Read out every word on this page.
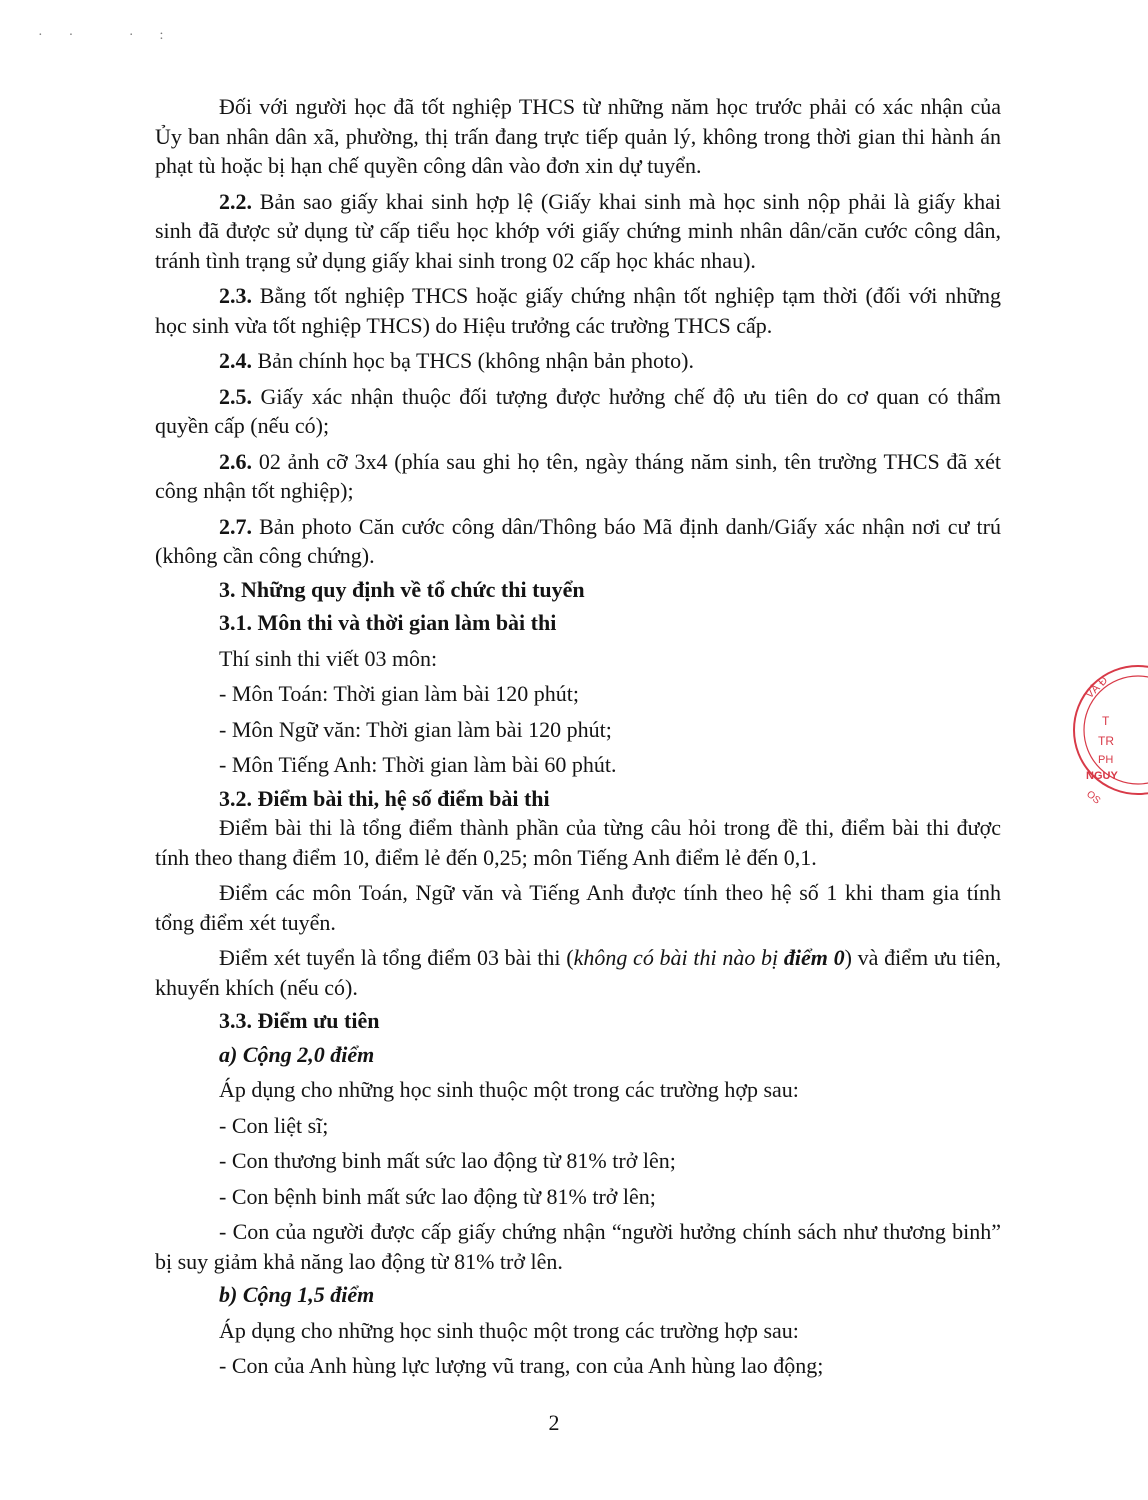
·· ·:

Đối với người học đã tốt nghiệp THCS từ những năm học trước phải có xác nhận của Ủy ban nhân dân xã, phường, thị trấn đang trực tiếp quản lý, không trong thời gian thi hành án phạt tù hoặc bị hạn chế quyền công dân vào đơn xin dự tuyển.

2.2. Bản sao giấy khai sinh hợp lệ (Giấy khai sinh mà học sinh nộp phải là giấy khai sinh đã được sử dụng từ cấp tiểu học khớp với giấy chứng minh nhân dân/căn cước công dân, tránh tình trạng sử dụng giấy khai sinh trong 02 cấp học khác nhau).

2.3. Bằng tốt nghiệp THCS hoặc giấy chứng nhận tốt nghiệp tạm thời (đối với những học sinh vừa tốt nghiệp THCS) do Hiệu trưởng các trường THCS cấp.

2.4. Bản chính học bạ THCS (không nhận bản photo).

2.5. Giấy xác nhận thuộc đối tượng được hưởng chế độ ưu tiên do cơ quan có thẩm quyền cấp (nếu có);

2.6. 02 ảnh cỡ 3x4 (phía sau ghi họ tên, ngày tháng năm sinh, tên trường THCS đã xét công nhận tốt nghiệp);

2.7. Bản photo Căn cước công dân/Thông báo Mã định danh/Giấy xác nhận nơi cư trú (không cần công chứng).

3. Những quy định về tổ chức thi tuyển

3.1. Môn thi và thời gian làm bài thi

Thí sinh thi viết 03 môn:

- Môn Toán: Thời gian làm bài 120 phút;

- Môn Ngữ văn: Thời gian làm bài 120 phút;

- Môn Tiếng Anh: Thời gian làm bài 60 phút.

3.2. Điểm bài thi, hệ số điểm bài thi

Điểm bài thi là tổng điểm thành phần của từng câu hỏi trong đề thi, điểm bài thi được tính theo thang điểm 10, điểm lẻ đến 0,25; môn Tiếng Anh điểm lẻ đến 0,1.

Điểm các môn Toán, Ngữ văn và Tiếng Anh được tính theo hệ số 1 khi tham gia tính tổng điểm xét tuyển.

Điểm xét tuyển là tổng điểm 03 bài thi (không có bài thi nào bị điểm 0) và điểm ưu tiên, khuyến khích (nếu có).

3.3. Điểm ưu tiên

a) Cộng 2,0 điểm

Áp dụng cho những học sinh thuộc một trong các trường hợp sau:

- Con liệt sĩ;

- Con thương binh mất sức lao động từ 81% trở lên;

- Con bệnh binh mất sức lao động từ 81% trở lên;

- Con của người được cấp giấy chứng nhận “người hưởng chính sách như thương binh” bị suy giảm khả năng lao động từ 81% trở lên.

b) Cộng 1,5 điểm

Áp dụng cho những học sinh thuộc một trong các trường hợp sau:

- Con của Anh hùng lực lượng vũ trang, con của Anh hùng lao động;

VÀ Đ
T
TR
PH
NGUY
OS
2
